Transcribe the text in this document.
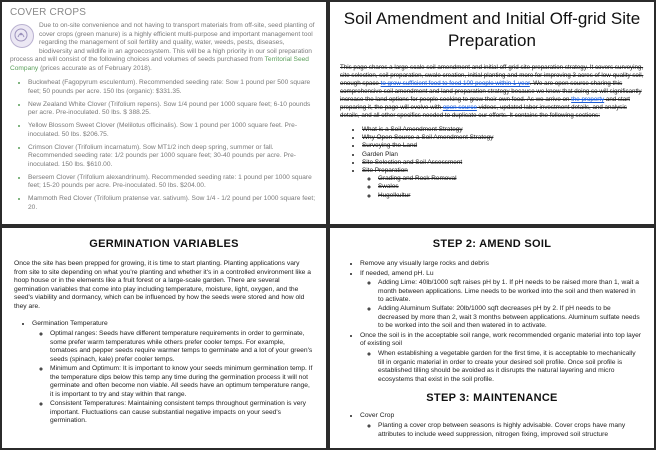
COVER CROPS
Due to on-site convenience and not having to transport materials from off-site, seed planting of cover crops (green manure) is a highly efficient multi-purpose and important management tool regarding the management of soil fertility and quality, water, weeds, pests, diseases, biodiversity and wildlife in an agroecosystem. This will be a high priority in our soil preparation process and will consist of the following choices and volumes of seeds purchased from Territorial Seed Company (prices accurate as of February 2018).
• Buckwheat (Fagopyrum esculentum). Recommended seeding rate: Sow 1 pound per 500 square feet; 50 pounds per acre. 150 lbs (organic): $331.35.
• New Zealand White Clover (Trifolium repens). Sow 1/4 pound per 1000 square feet; 6-10 pounds per acre. Pre-inoculated. 50 lbs. $ 388.25.
• Yellow Blossom Sweet Clover (Melilotus officinalis). Sow 1 pound per 1000 square feet. Pre-inoculated. 50 lbs. $206.75.
• Crimson Clover (Trifolium incarnatum). Sow MT1/2 inch deep spring, summer or fall. Recommended seeding rate: 1/2 pounds per 1000 square feet; 30-40 pounds per acre. Pre-inoculated. 150 lbs. $610.00.
• Berseem Clover (Trifolium alexandrinum). Recommended seeding rate: 1 pound per 1000 square feet; 15-20 pounds per acre. Pre-inoculated. 50 lbs. $204.00.
• Mammoth Red Clover (Trifolium pratense var. sativum). Sow 1/4 - 1/2 pound per 1000 square feet; 20.
Soil Amendment and Initial Off-grid Site Preparation
This page shares a large-scale soil amendment and initial off-grid site preparation strategy. It covers surveying, site selection, soil preparation, swale creation, initial planting and more for improving 3 acres of low-quality soil, enough space to grow sufficient food to feed 100 people within 1 year. We are open source sharing this comprehensive soil amendment and land preparation strategy because we know that doing so will significantly increase the land options for people seeking to grow their own food. As we arrive on the property and start preparing it, the page will evolve with open source videos, updated labor investment details, and analysis details, and all other specifics needed to duplicate our efforts. It contains the following sections:
• What is a Soil Amendment Strategy
• Why Open Source a Soil Amendment Strategy
• Surveying the Land
• Garden Plan
• Site Selection and Soil Assessment
• Site Preparation
◦ Grading and Rock Removal
◦ Swales
◦ Hugelkultur
GERMINATION VARIABLES

Once the site has been prepped for growing, it is time to start planting. Planting applications vary from site to site depending on what you're planting and whether it's in a controlled environment like a hoop house or in the elements like a fruit forest or a large-scale garden. There are several germination variables that come into play including temperature, moisture, light, oxygen, and the seed's viability and dormancy, which can be influenced by how the seeds were stored and how old they are.

• Germination Temperature
◦ Optimal ranges: Seeds have different temperature requirements in order to germinate, some prefer warm temperatures while others prefer cooler temps. For example, tomatoes and pepper seeds require warmer temps to germinate and a lot of your green's seeds (spinach, kale) prefer cooler temps.
◦ Minimum and Optimum: It is important to know your seeds minimum germination temp. If the temperature dips below this temp any time during the germination process it will not germinate and often become non viable. All seeds have an optimum temperature range, it is important to try and stay within that range.
◦ Consistent Temperatures: Maintaining consistent temps throughout germination is very important. Fluctuations can cause substantial negative impacts on your seed's germination.
STEP 2: AMEND SOIL
• Remove any visually large rocks and debris
• If needed, amend pH. Lu
◦ Adding Lime: 40lb/1000 sqft raises pH by 1. If pH needs to be raised more than 1, wait a month between applications. Lime needs to be worked into the soil and then watered in to activate.
◦ Adding Aluminum Sulfate: 20lb/1000 sqft decreases pH by 2. If pH needs to be decreased by more than 2, wait 3 months between applications. Aluminum sulfate needs to be worked into the soil and then watered in to activate.
• Once the soil is in the acceptable soil range, work recommended organic material into top layer of existing soil
◦ When establishing a vegetable garden for the first time, it is acceptable to mechanically till in organic material in order to create your desired soil profile. Once soil profile is established tilling should be avoided as it disrupts the natural layering and micro ecosystems that exist in the soil profile.
STEP 3: MAINTENANCE
• Cover Crop
◦ Planting a cover crop between seasons is highly advisable. Cover crops have many attributes to include weed suppression, nitrogen fixing, improved soil structure
